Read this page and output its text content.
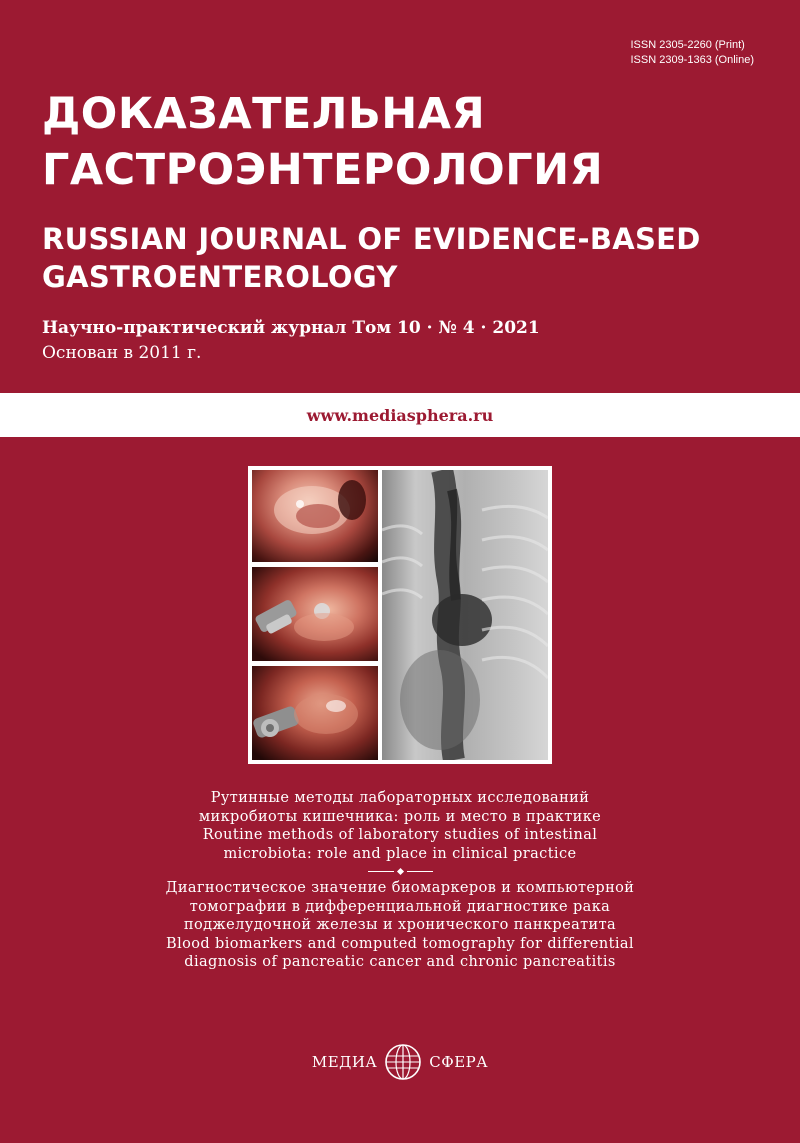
ISSN 2305-2260 (Print)
ISSN 2309-1363 (Online)
ДОКАЗАТЕЛЬНАЯ
ГАСТРОЭНТЕРОЛОГИЯ
RUSSIAN JOURNAL OF EVIDENCE-BASED
GASTROENTEROLOGY
Научно-практический журнал Том 10 · № 4 · 2021
Основан в 2011 г.
www.mediasphera.ru
Рутинные методы лабораторных исследований
микробиоты кишечника: роль и место в практике
Routine methods of laboratory studies of intestinal
microbiota: role and place in clinical practice
Диагностическое значение биомаркеров и компьютерной
томографии в дифференциальной диагностике рака
поджелудочной железы и хронического панкреатита
Blood biomarkers and computed tomography for differential
diagnosis of pancreatic cancer and chronic pancreatitis
МЕДИА	СФЕРА
